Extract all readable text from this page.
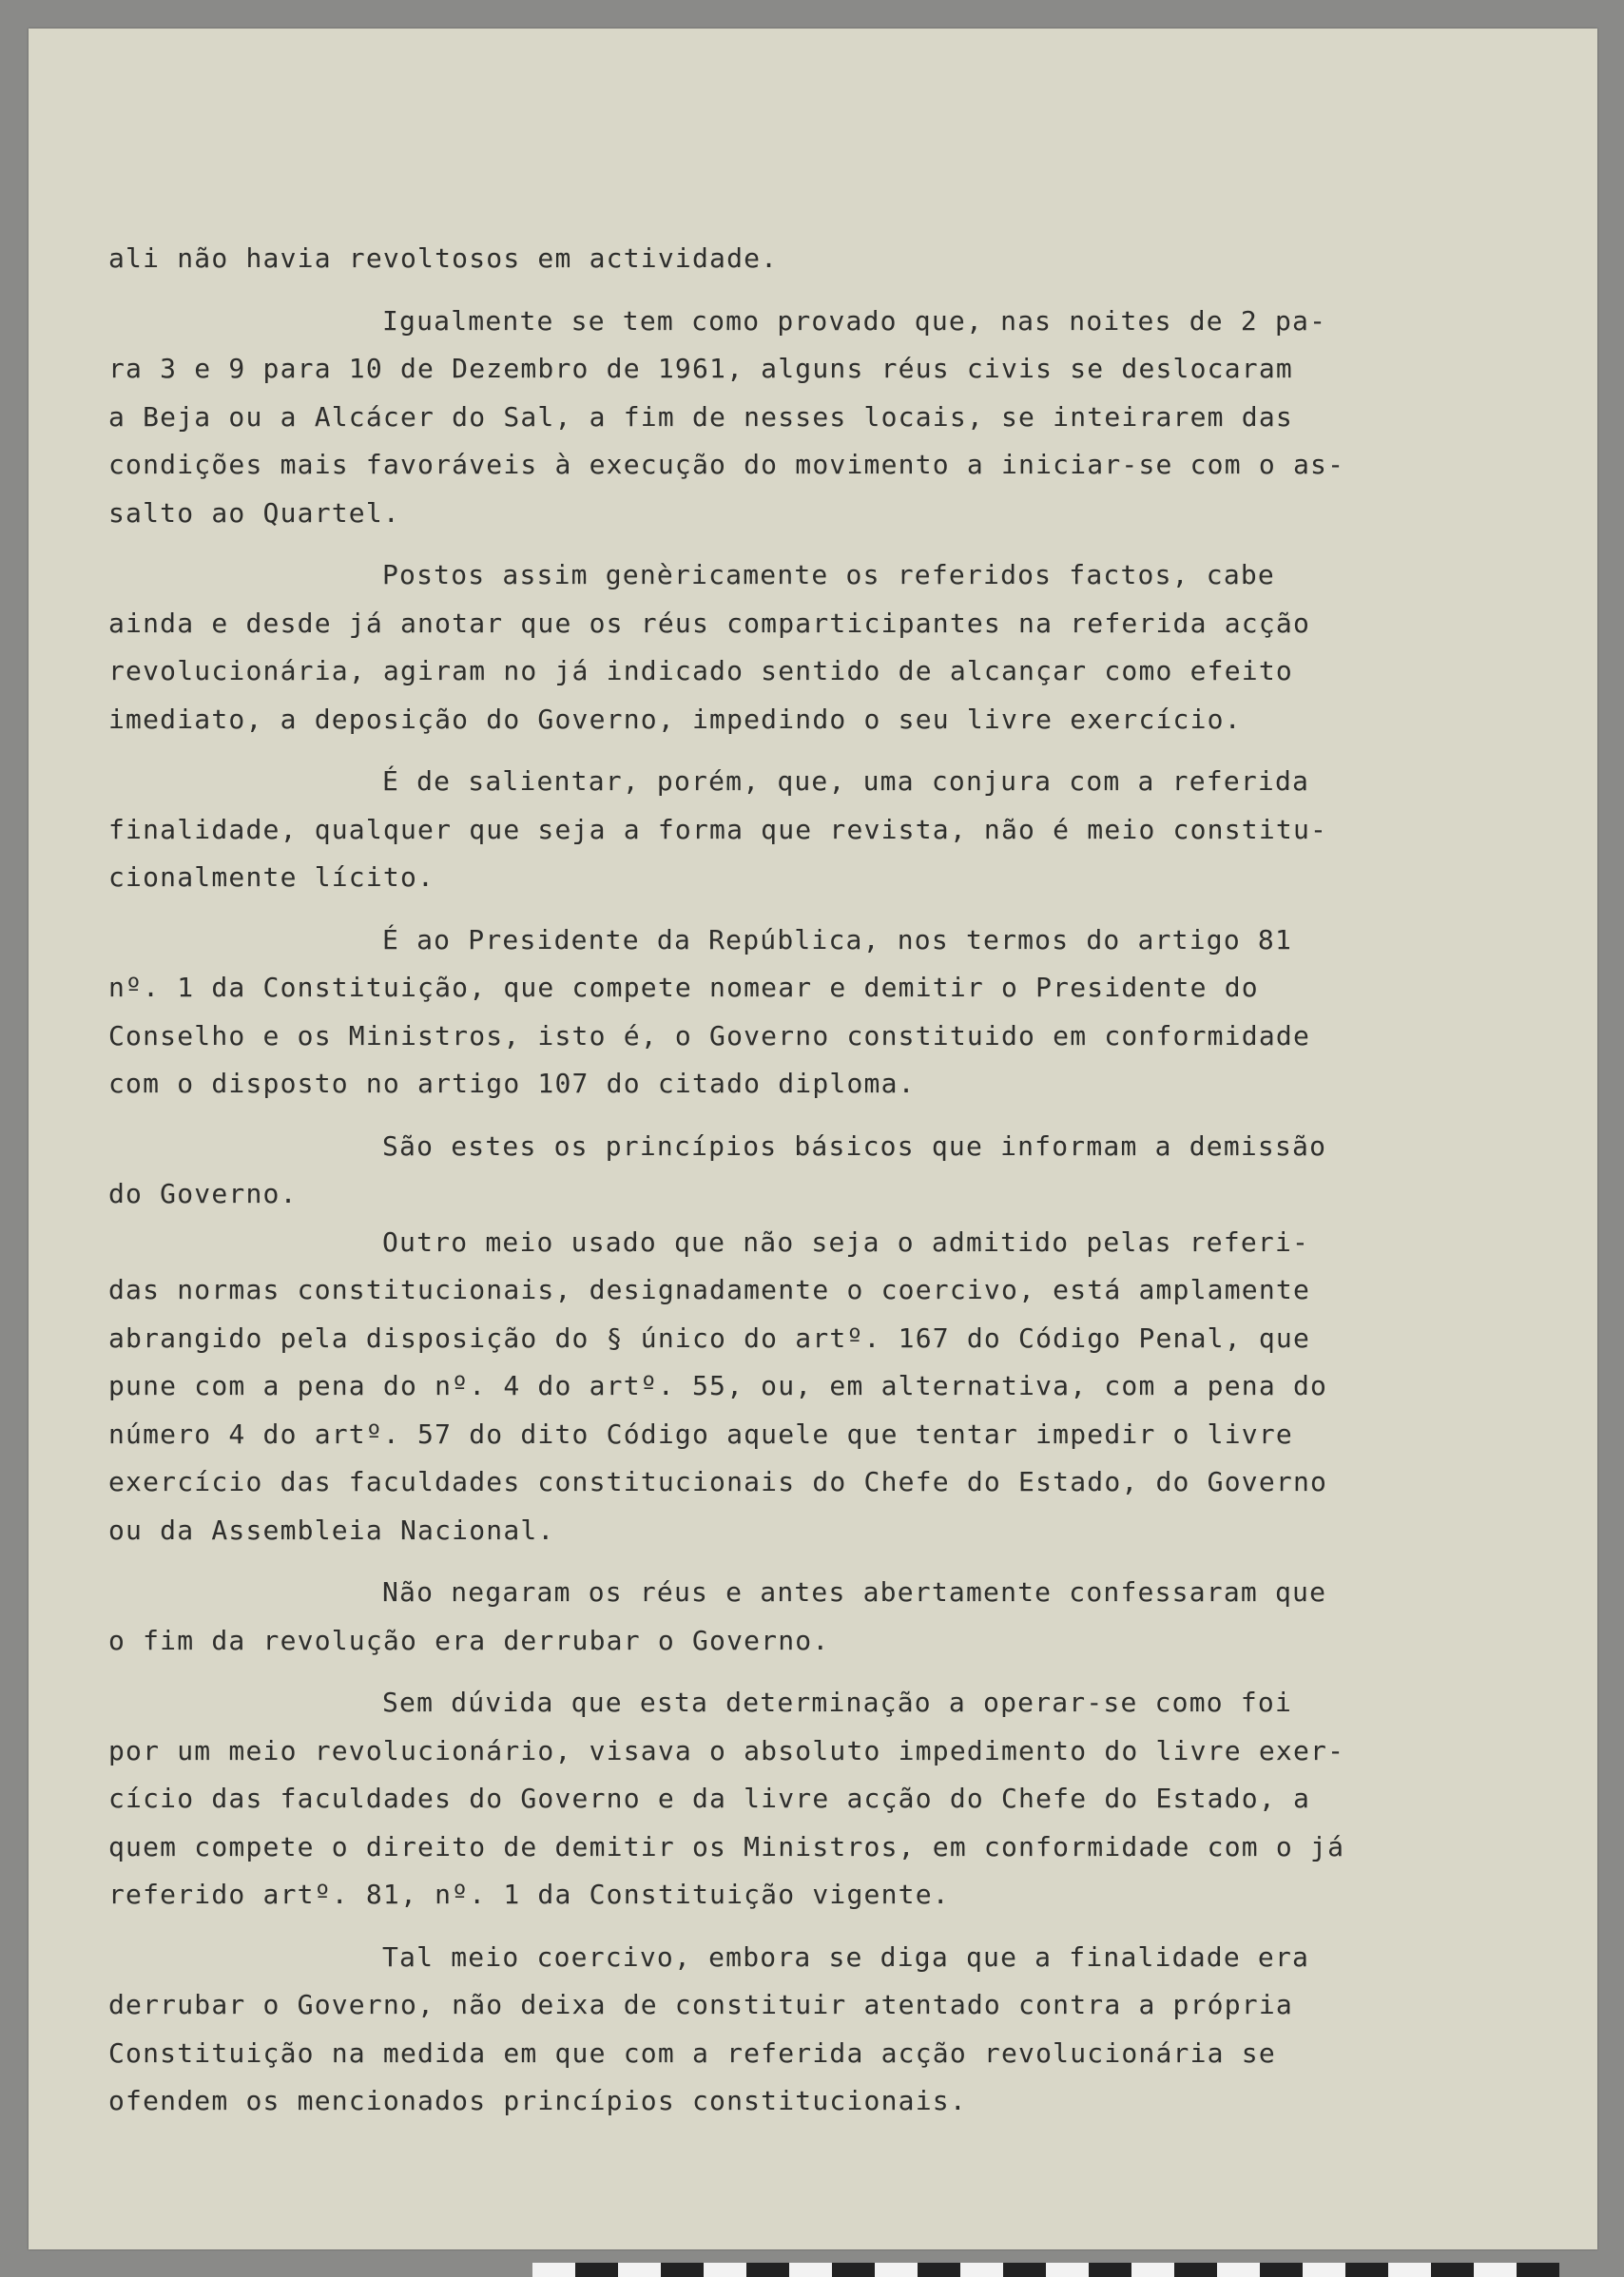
ali não havia revoltosos em actividade.
Igualmente se tem como provado que, nas noites de 2 pa-
ra 3 e 9 para 10 de Dezembro de 1961, alguns réus civis se deslocaram
a Beja ou a Alcácer do Sal, a fim de nesses locais, se inteirarem das
condições mais favoráveis à execução do movimento a iniciar-se com o as-
salto ao Quartel.
Postos assim genèricamente os referidos factos, cabe
ainda e desde já anotar que os réus comparticipantes na referida acção
revolucionária, agiram no já indicado sentido de alcançar como efeito
imediato, a deposição do Governo, impedindo o seu livre exercício.
É de salientar, porém, que, uma conjura com a referida
finalidade, qualquer que seja a forma que revista, não é meio constitu-
cionalmente lícito.
É ao Presidente da República, nos termos do artigo 81
nº. 1 da Constituição, que compete nomear e demitir o Presidente do
Conselho e os Ministros, isto é, o Governo constituido em conformidade
com o disposto no artigo 107 do citado diploma.
São estes os princípios básicos que informam a demissão
do Governo.
Outro meio usado que não seja o admitido pelas referi-
das normas constitucionais, designadamente o coercivo, está amplamente
abrangido pela disposição do § único do artº. 167 do Código Penal, que
pune com a pena do nº. 4 do artº. 55, ou, em alternativa, com a pena do
número 4 do artº. 57 do dito Código aquele que tentar impedir o livre
exercício das faculdades constitucionais do Chefe do Estado, do Governo
ou da Assembleia Nacional.
Não negaram os réus e antes abertamente confessaram que
o fim da revolução era derrubar o Governo.
Sem dúvida que esta determinação a operar-se como foi
por um meio revolucionário, visava o absoluto impedimento do livre exer-
cício das faculdades do Governo e da livre acção do Chefe do Estado, a
quem compete o direito de demitir os Ministros, em conformidade com o já
referido artº. 81, nº. 1 da Constituição vigente.
Tal meio coercivo, embora se diga que a finalidade era
derrubar o Governo, não deixa de constituir atentado contra a própria
Constituição na medida em que com a referida acção revolucionária se
ofendem os mencionados princípios constitucionais.
